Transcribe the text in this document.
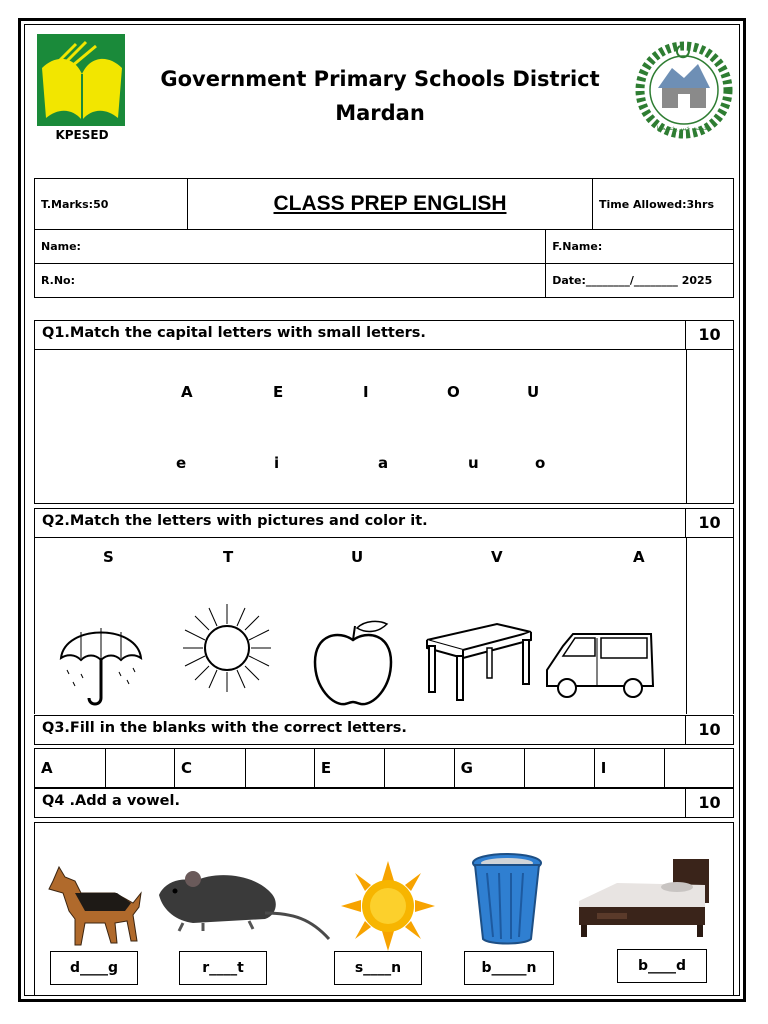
KPESED
Government Primary Schools District Mardan
حکومت خیبر پختونخوا
T.Marks:50	CLASS PREP ENGLISH		Time Allowed:3hrs
Name:		F.Name:	
R.No:		Date:________/________ 2025	
Q1.Match the capital letters with small letters.	10
A	E	I	O	U
e	i	a	u	o
Q2.Match the letters with pictures and color it.	10
S	T	U	V	A
Q3.Fill in the blanks with the correct letters.	10
A		C		E		G		I	
Q4 .Add a vowel.	10
d____g	r____t	s____n	b_____n	b____d
